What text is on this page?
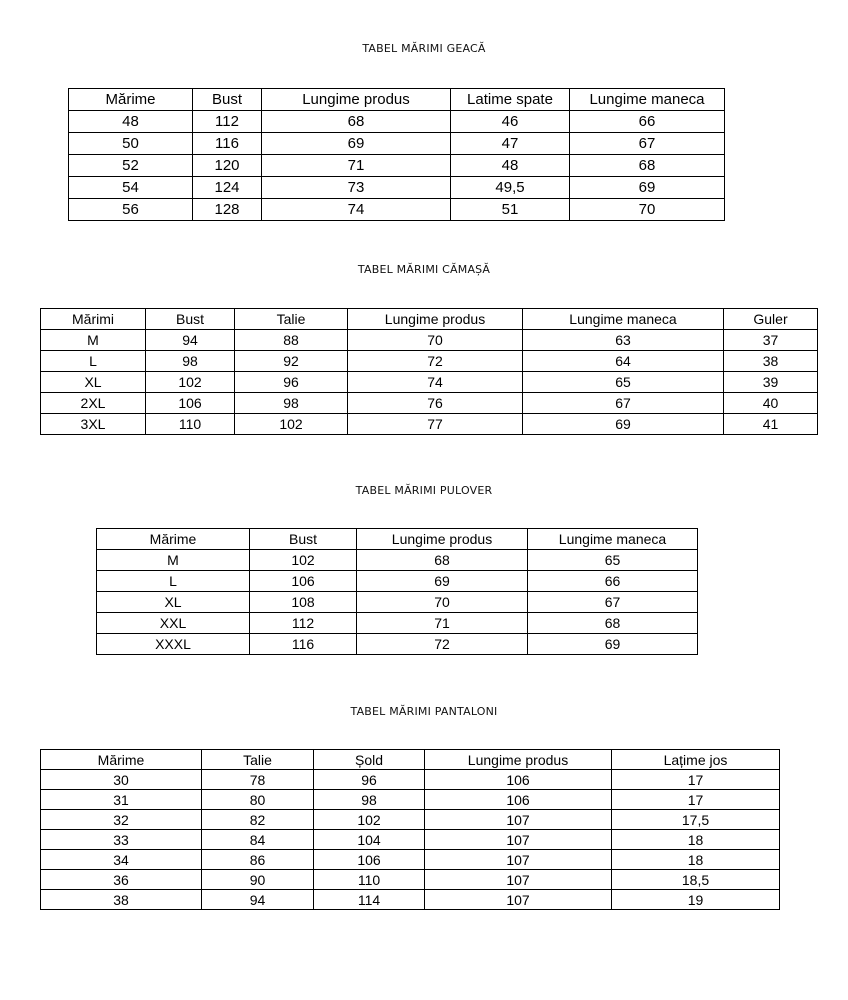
TABEL MĂRIMI GEACĂ
Mărime	Bust	Lungime produs	Latime spate	Lungime maneca
48	112	68	46	66
50	116	69	47	67
52	120	71	48	68
54	124	73	49,5	69
56	128	74	51	70
TABEL MĂRIMI CĂMAȘĂ
Mărimi	Bust	Talie	Lungime produs	Lungime maneca	Guler
M	94	88	70	63	37
L	98	92	72	64	38
XL	102	96	74	65	39
2XL	106	98	76	67	40
3XL	110	102	77	69	41
TABEL MĂRIMI PULOVER
Mărime	Bust	Lungime produs	Lungime maneca
M	102	68	65
L	106	69	66
XL	108	70	67
XXL	112	71	68
XXXL	116	72	69
TABEL MĂRIMI PANTALONI
Mărime	Talie	Șold	Lungime produs	Lațime jos
30	78	96	106	17
31	80	98	106	17
32	82	102	107	17,5
33	84	104	107	18
34	86	106	107	18
36	90	110	107	18,5
38	94	114	107	19
